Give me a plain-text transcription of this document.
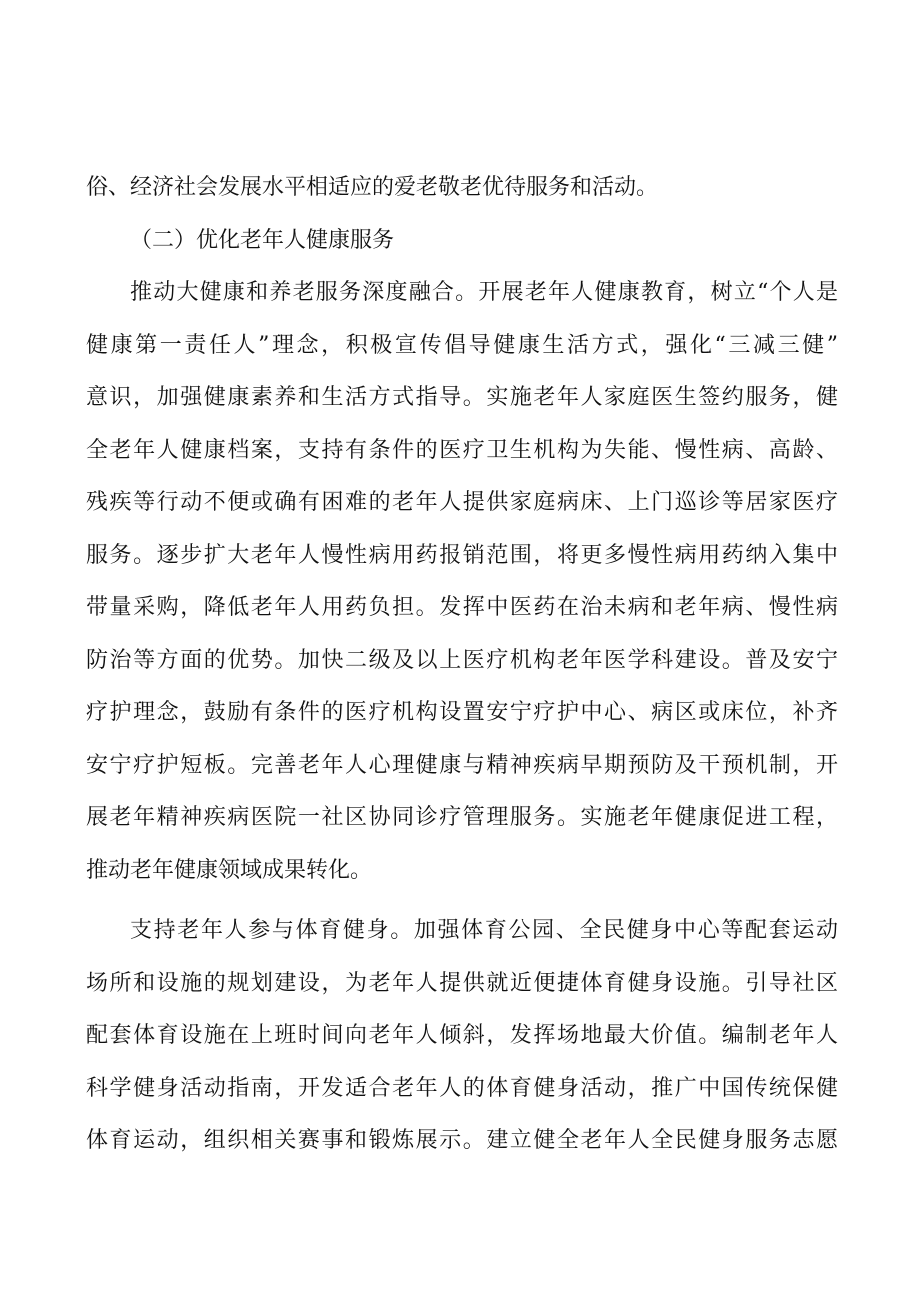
俗、经济社会发展水平相适应的爱老敬老优待服务和活动。
（二）优化老年人健康服务
推动大健康和养老服务深度融合。开展老年人健康教育，树立“个人是
健康第一责任人”理念，积极宣传倡导健康生活方式，强化“三减三健”
意识，加强健康素养和生活方式指导。实施老年人家庭医生签约服务，健
全老年人健康档案，支持有条件的医疗卫生机构为失能、慢性病、高龄、
残疾等行动不便或确有困难的老年人提供家庭病床、上门巡诊等居家医疗
服务。逐步扩大老年人慢性病用药报销范围，将更多慢性病用药纳入集中
带量采购，降低老年人用药负担。发挥中医药在治未病和老年病、慢性病
防治等方面的优势。加快二级及以上医疗机构老年医学科建设。普及安宁
疗护理念，鼓励有条件的医疗机构设置安宁疗护中心、病区或床位，补齐
安宁疗护短板。完善老年人心理健康与精神疾病早期预防及干预机制，开
展老年精神疾病医院一社区协同诊疗管理服务。实施老年健康促进工程，
推动老年健康领域成果转化。
支持老年人参与体育健身。加强体育公园、全民健身中心等配套运动
场所和设施的规划建设，为老年人提供就近便捷体育健身设施。引导社区
配套体育设施在上班时间向老年人倾斜，发挥场地最大价值。编制老年人
科学健身活动指南，开发适合老年人的体育健身活动，推广中国传统保健
体育运动，组织相关赛事和锻炼展示。建立健全老年人全民健身服务志愿
